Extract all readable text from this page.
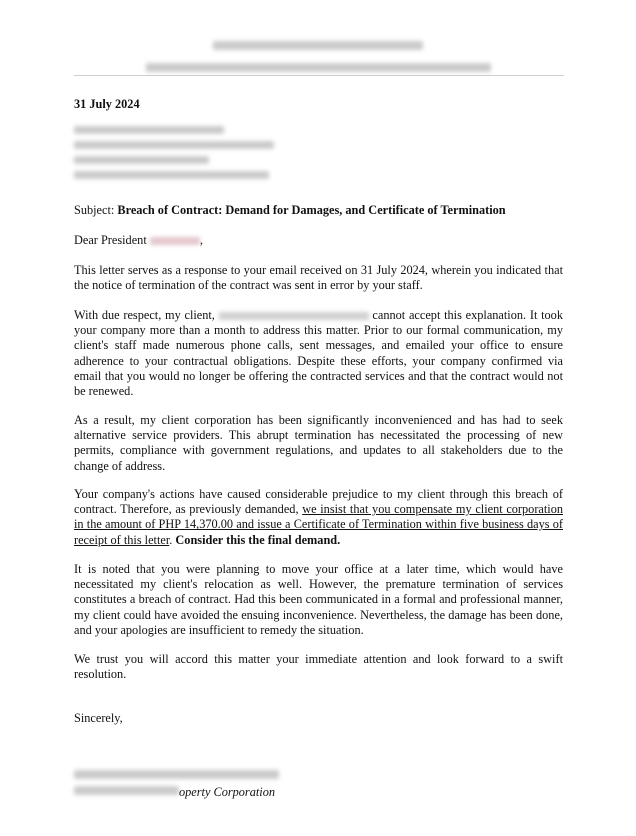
31 July 2024
Subject: Breach of Contract: Demand for Damages, and Certificate of Termination
Dear President	,
This letter serves as a response to your email received on 31 July 2024, wherein you indicated that the notice of termination of the contract was sent in error by your staff.
With due respect, my client,	cannot accept this explanation. It took your company more than a month to address this matter. Prior to our formal communication, my client's staff made numerous phone calls, sent messages, and emailed your office to ensure adherence to your contractual obligations. Despite these efforts, your company confirmed via email that you would no longer be offering the contracted services and that the contract would not be renewed.
As a result, my client corporation has been significantly inconvenienced and has had to seek alternative service providers. This abrupt termination has necessitated the processing of new permits, compliance with government regulations, and updates to all stakeholders due to the change of address.
Your company's actions have caused considerable prejudice to my client through this breach of contract. Therefore, as previously demanded, we insist that you compensate my client corporation in the amount of PHP 14,370.00 and issue a Certificate of Termination within five business days of receipt of this letter. Consider this the final demand.
It is noted that you were planning to move your office at a later time, which would have necessitated my client's relocation as well. However, the premature termination of services constitutes a breach of contract. Had this been communicated in a formal and professional manner, my client could have avoided the ensuing inconvenience. Nevertheless, the damage has been done, and your apologies are insufficient to remedy the situation.
We trust you will accord this matter your immediate attention and look forward to a swift resolution.
Sincerely,
operty Corporation
